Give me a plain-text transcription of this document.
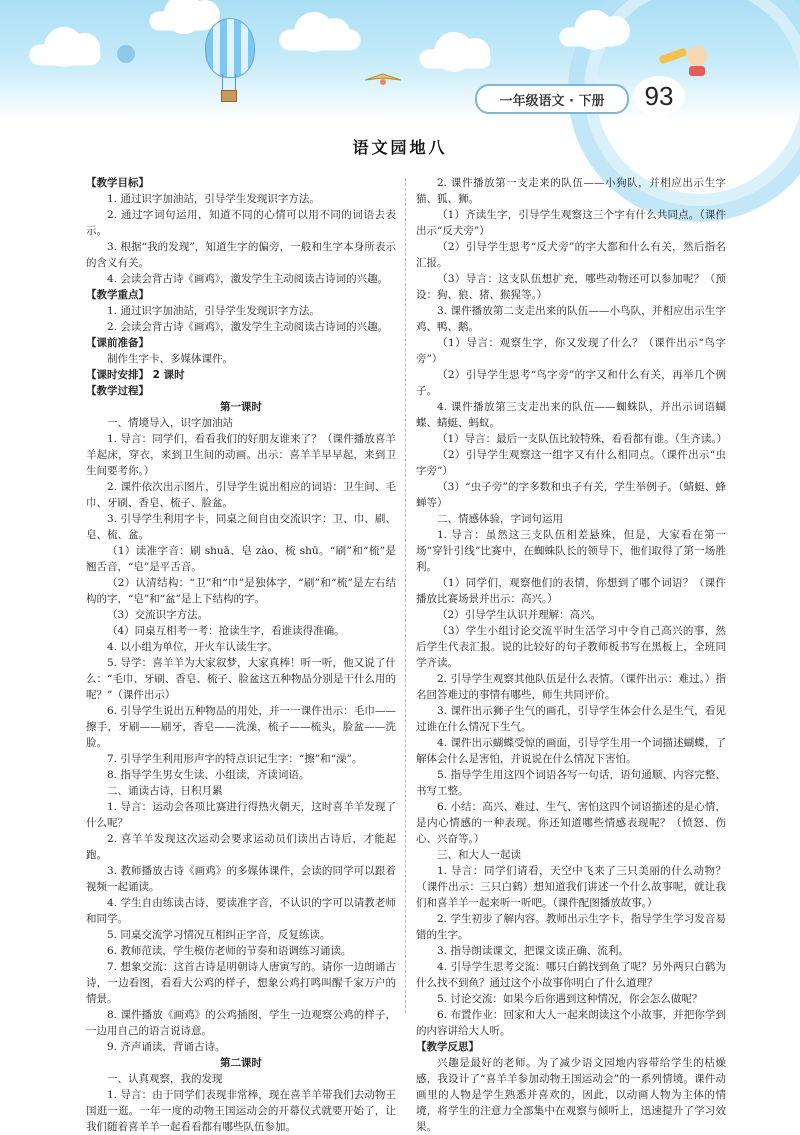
一年级语文 · 下册	93
语文园地八

【教学目标】

1. 通过识字加油站，引导学生发现识字方法。

2. 通过字词句运用，知道不同的心情可以用不同的词语去表示。

3. 根据“我的发现”，知道生字的偏旁，一般和生字本身所表示的含义有关。

4. 会读会背古诗《画鸡》，激发学生主动阅读古诗词的兴趣。

【教学重点】

1. 通过识字加油站，引导学生发现识字方法。

2. 会读会背古诗《画鸡》，激发学生主动阅读古诗词的兴趣。

【课前准备】

制作生字卡、多媒体课件。

【课时安排】 2 课时

【教学过程】

第一课时

一、情境导入，识字加油站

1. 导言：同学们，看看我们的好朋友谁来了？（课件播放喜羊羊起床，穿衣，来到卫生间的动画。出示：喜羊羊早早起，来到卫生间要考你。）

2. 课件依次出示图片，引导学生说出相应的词语：卫生间、毛巾、牙刷、香皂、梳子、脸盆。

3. 引导学生利用字卡，同桌之间自由交流识字：卫、巾、刷、皂、梳、盆。

（1）读准字音：刷 shuā、皂 zào、梳 shū。“刷”和“梳”是翘舌音，“皂”是平舌音。

（2）认清结构：“卫”和“巾”是独体字，“刷”和“梳”是左右结构的字，“皂”和“盆”是上下结构的字。

（3）交流识字方法。

（4）同桌互相考一考：抢读生字，看谁读得准确。

4. 以小组为单位，开火车认读生字。

5. 导学：喜羊羊为大家叙梦，大家真棒！听一听，他又说了什么：“毛巾、牙刷、香皂、梳子、脸盆这五种物品分别是干什么用的呢？”（课件出示）

6. 引导学生说出五种物品的用处，并一一课件出示：毛巾——擦手，牙刷——刷牙，香皂——洗澡，梳子——梳头，脸盆——洗脸。

7. 引导学生利用形声字的特点识记生字：“擦”和“澡”。

8. 指导学生男女生读、小组读，齐读词语。

二、诵读古诗，日积月累

1. 导言：运动会各项比赛进行得热火朝天，这时喜羊羊发现了什么呢？

2. 喜羊羊发现这次运动会要求运动员们读出古诗后，才能起跑。

3. 教师播放古诗《画鸡》的多媒体课件，会读的同学可以跟着视频一起诵读。

4. 学生自由练读古诗，要读准字音，不认识的字可以请教老师和同学。

5. 同桌交流学习情况互相纠正字音，反复练读。

6. 教师范读，学生模仿老师的节奏和语调练习诵读。

7. 想象交流：这首古诗是明朝诗人唐寅写的。请你一边朗诵古诗，一边看图，看看大公鸡的样子，想象公鸡打鸣叫醒千家万户的情景。

8. 课件播放《画鸡》的公鸡插图，学生一边观察公鸡的样子，一边用自己的语言说诗意。

9. 齐声诵读，背诵古诗。

第二课时

一、认真观察，我的发现

1. 导言：由于同学们表现非常棒，现在喜羊羊带我们去动物王国逛一逛。一年一度的动物王国运动会的开幕仪式就要开始了，让我们随着喜羊羊一起看看都有哪些队伍参加。

2. 课件播放第一支走来的队伍——小狗队，并相应出示生字猫、狐、狮。

（1）齐读生字，引导学生观察这三个字有什么共同点。（课件出示“反犬旁”）

（2）引导学生思考“反犬旁”的字大都和什么有关，然后指名汇报。

（3）导言：这支队伍想扩充，哪些动物还可以参加呢？（预设：狗、狼、猪、猴猩等。）

3. 课件播放第二支走出来的队伍——小鸟队，并相应出示生字鸡、鸭、鹅。

（1）导言：观察生字，你又发现了什么？（课件出示“鸟字旁”）

（2）引导学生思考“鸟字旁”的字又和什么有关，再举几个例子。

4. 课件播放第三支走出来的队伍——蜘蛛队，并出示词语蝴蝶、蜻蜓、蚂蚁。

（1）导言：最后一支队伍比较特殊，看看都有谁。（生齐读。）

（2）引导学生观察这一组字又有什么相同点。（课件出示“虫字旁”）

（3）“虫子旁”的字多数和虫子有关，学生举例子。（蜻蜓、蜂蝉等）

二、情感体验，字词句运用

1. 导言：虽然这三支队伍相差悬殊，但是，大家看在第一场“穿针引线”比赛中，在蜘蛛队长的领导下，他们取得了第一场胜利。

（1）同学们，观察他们的表情，你想到了哪个词语？（课件播放比赛场景并出示：高兴。）

（2）引导学生认识并理解：高兴。

（3）学生小组讨论交流平时生活学习中令自己高兴的事，然后学生代表汇报。说的比较好的句子教师板书写在黑板上，全班同学齐读。

2. 引导学生观察其他队伍是什么表情。（课件出示：难过。）指名回答难过的事情有哪些，师生共同评价。

3. 课件出示狮子生气的画孔，引导学生体会什么是生气，看见过谁在什么情况下生气。

4. 课件出示蝴蝶受惊的画面，引导学生用一个词描述蝴蝶，了解体会什么是害怕，并说说在什么情况下害怕。

5. 指导学生用这四个词语各写一句话，语句通顺、内容完整、书写工整。

6. 小结：高兴、难过、生气、害怕这四个词语描述的是心情，是内心情感的一种表现。你还知道哪些情感表现呢？（愤怒、伤心、兴奋等。）

三、和大人一起读

1. 导言：同学们请看，天空中飞来了三只美丽的什么动物？（课件出示：三只白鹤）想知道我们讲述一个什么故事呢，就让我们和喜羊羊一起来听一听吧。（课件配图播放故事。）

2. 学生初步了解内容。教师出示生字卡，指导学生学习发音易错的生字。

3. 指导朗读课文，把课文读正确、流利。

4. 引导学生思考交流：哪只白鹤找到鱼了呢？另外两只白鹤为什么找不到鱼？通过这个小故事你明白了什么道理？

5. 讨论交流：如果今后你遇到这种情况，你会怎么做呢？

6. 布置作业：回家和大人一起来朗读这个小故事，并把你学到的内容讲给大人听。

【教学反思】

兴趣是最好的老师。为了减少语文园地内容带给学生的枯燥感，我设计了“喜羊羊参加动物王国运动会”的一系列情境。课件动画里的人物是学生熟悉并喜欢的，因此，以动画人物为主体的情境，将学生的注意力全部集中在观察与倾听上，迅速提升了学习效果。
